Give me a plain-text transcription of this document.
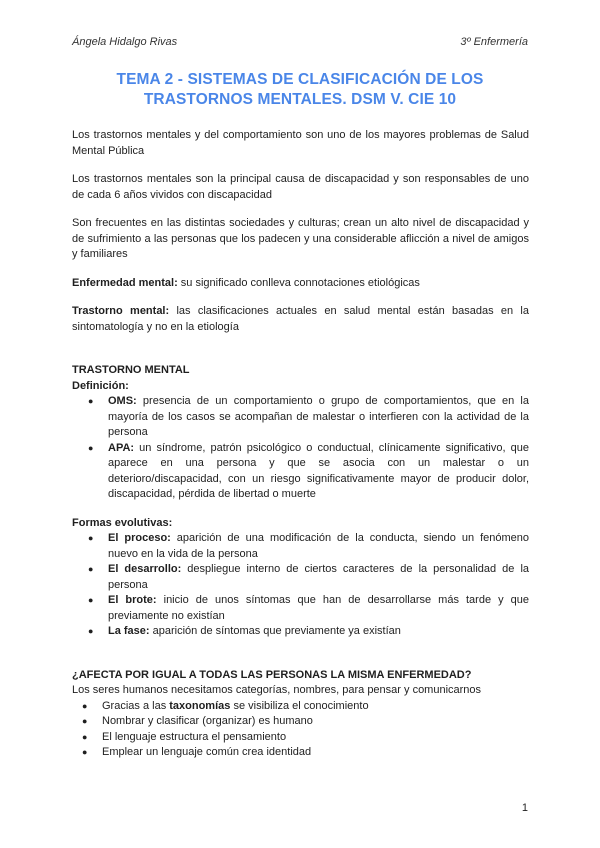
Ángela Hidalgo Rivas	3º Enfermería
TEMA 2 - SISTEMAS DE CLASIFICACIÓN DE LOS
TRASTORNOS MENTALES. DSM V. CIE 10

Los trastornos mentales y del comportamiento son uno de los mayores problemas de Salud Mental Pública

Los trastornos mentales son la principal causa de discapacidad y son responsables de uno de cada 6 años vividos con discapacidad

Son frecuentes en las distintas sociedades y culturas; crean un alto nivel de discapacidad y de sufrimiento a las personas que los padecen y una considerable aflicción a nivel de amigos y familiares

Enfermedad mental: su significado conlleva connotaciones etiológicas

Trastorno mental: las clasificaciones actuales en salud mental están basadas en la sintomatología y no en la etiología

TRASTORNO MENTAL

Definición:

● OMS: presencia de un comportamiento o grupo de comportamientos, que en la mayoría de los casos se acompañan de malestar o interfieren con la actividad de la persona
● APA: un síndrome, patrón psicológico o conductual, clínicamente significativo, que aparece en una persona y que se asocia con un malestar o un deterioro/discapacidad, con un riesgo significativamente mayor de producir dolor, discapacidad, pérdida de libertad o muerte

Formas evolutivas:

● El proceso: aparición de una modificación de la conducta, siendo un fenómeno nuevo en la vida de la persona
● El desarrollo: despliegue interno de ciertos caracteres de la personalidad de la persona
● El brote: inicio de unos síntomas que han de desarrollarse más tarde y que previamente no existían
● La fase: aparición de síntomas que previamente ya existían

¿AFECTA POR IGUAL A TODAS LAS PERSONAS LA MISMA ENFERMEDAD?

Los seres humanos necesitamos categorías, nombres, para pensar y comunicarnos

● Gracias a las taxonomías se visibiliza el conocimiento
● Nombrar y clasificar (organizar) es humano
● El lenguaje estructura el pensamiento
● Emplear un lenguaje común crea identidad
1
